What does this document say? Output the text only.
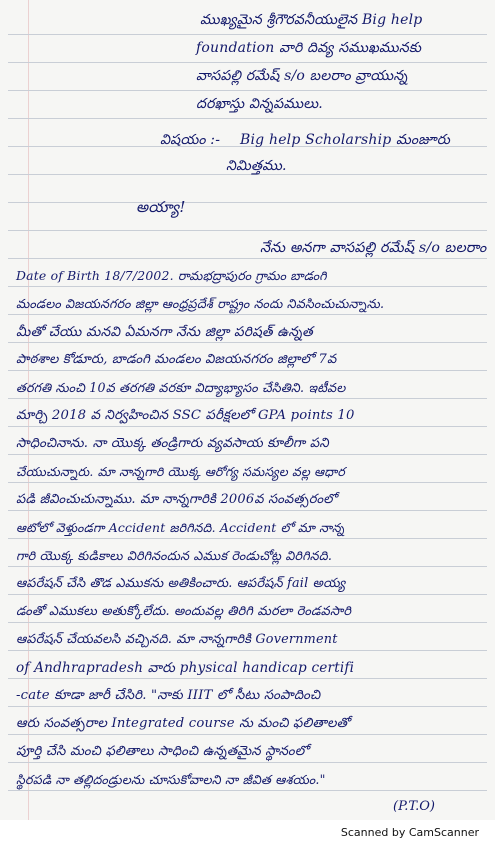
ముఖ్యమైన శ్రీగౌరవనీయులైన Big help
foundation వారి దివ్య సముఖమునకు
వాసపల్లి రమేష్ s/o బలరాం వ్రాయున్న
దరఖాస్తు విన్నపములు.
విషయం :- Big help Scholarship మంజూరు
నిమిత్తము.
అయ్యా!
నేను అనగా వాసపల్లి రమేష్ s/o బలరాం
Date of Birth 18/7/2002. రామభద్రాపురం గ్రామం బాడంగి
మండలం విజయనగరం జిల్లా ఆంధ్రప్రదేశ్ రాష్ట్రం నందు నివసించుచున్నాను.
మీతో చేయు మనవి ఏమనగా నేను జిల్లా పరిషత్ ఉన్నత
పాఠశాల కోడూరు, బాడంగి మండలం విజయనగరం జిల్లాలో 7వ
తరగతి నుంచి 10వ తరగతి వరకూ విద్యాభ్యాసం చేసితిని. ఇటీవల
మార్చి 2018 వ నిర్వహించిన SSC పరీక్షలలో GPA points 10
సాధించినాను. నా యొక్క తండ్రిగారు వ్యవసాయ కూలీగా పని
చేయుచున్నారు. మా నాన్నగారి యొక్క ఆరోగ్య సమస్యల వల్ల ఆధార
పడి జీవించుచున్నాము. మా నాన్నగారికి 2006వ సంవత్సరంలో
ఆటోలో వెళ్తుండగా Accident జరిగినది. Accident లో మా నాన్న
గారి యొక్క కుడికాలు విరిగినందున ఎముక రెండుచోట్ల విరిగినది.
ఆపరేషన్ చేసి తొడ ఎముకను అతికించారు. ఆపరేషన్ fail అయ్య
డంతో ఎముకలు అతుక్కోలేదు. అందువల్ల తిరిగి మరలా రెండవసారి
ఆపరేషన్ చేయవలసి వచ్చినది. మా నాన్నగారికి Government
of Andhrapradesh వారు physical handicap certifi
-cate కూడా జారీ చేసిరి. "నాకు IIIT లో సీటు సంపాదించి
ఆరు సంవత్సరాల Integrated course ను మంచి ఫలితాలతో
పూర్తి చేసి మంచి ఫలితాలు సాధించి ఉన్నతమైన స్థానంలో
స్థిరపడి నా తల్లిదండ్రులను చూసుకోవాలని నా జీవిత ఆశయం."
(P.T.O)
Scanned by CamScanner
